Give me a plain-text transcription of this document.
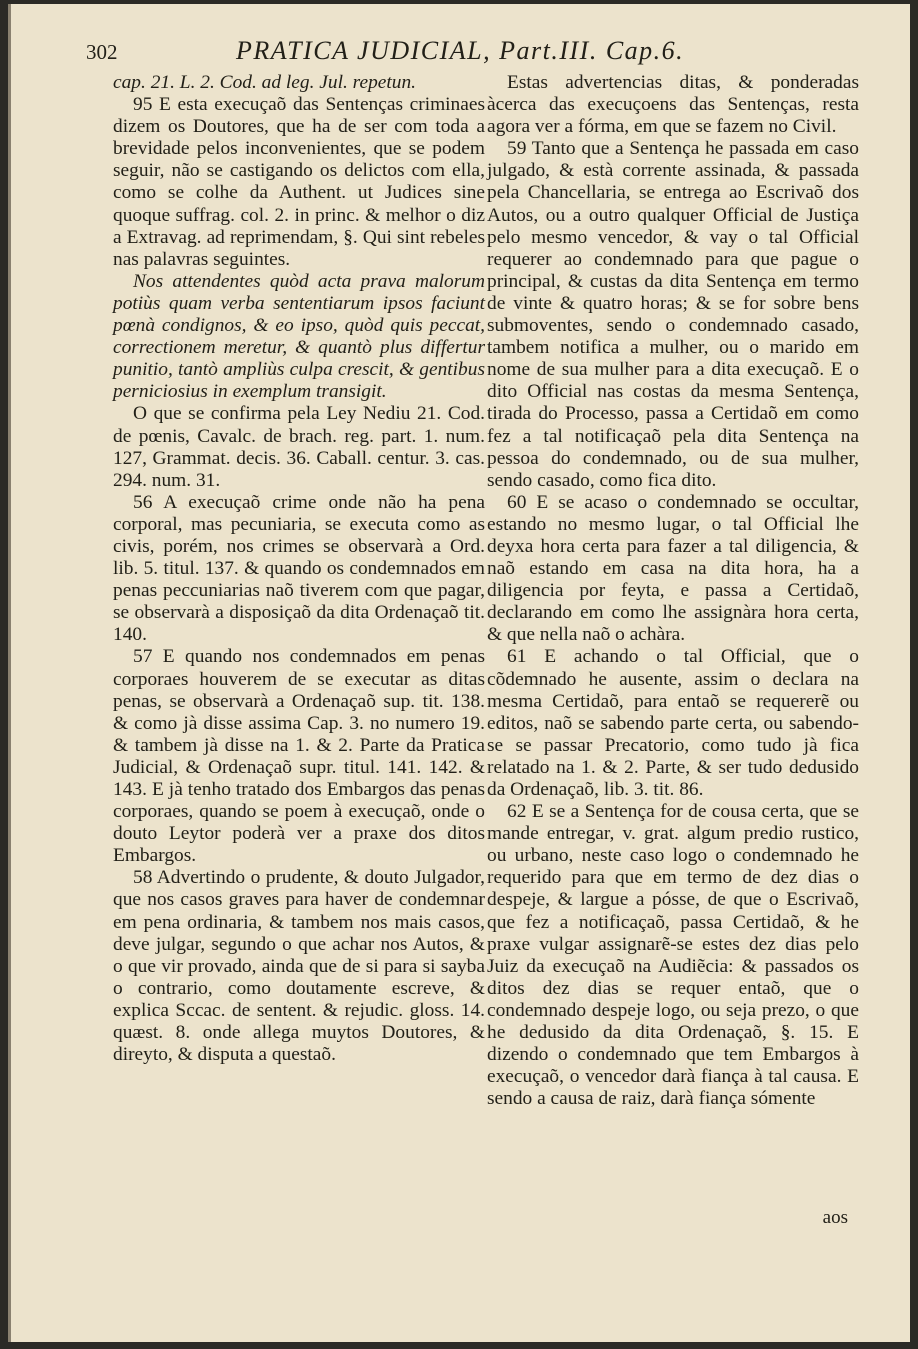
302	PRATICA JUDICIAL, Part.III. Cap.6.

cap. 21. L. 2. Cod. ad leg. Jul. repetun.

95 E esta execuçaõ das Sentenças criminaes dizem os Doutores, que ha de ser com toda a brevidade pelos inconvenientes, que se podem seguir, não se castigando os delictos com ella, como se colhe da Authent. ut Judices sine quoque suffrag. col. 2. in princ. & melhor o diz a Extravag. ad reprimendam, §. Qui sint rebeles nas palavras seguintes.

Nos attendentes quòd acta prava malorum potiùs quam verba sententiarum ipsos faciunt pœnà condignos, & eo ipso, quòd quis peccat, correctionem meretur, & quantò plus differtur punitio, tantò ampliùs culpa crescit, & gentibus perniciosius in exemplum transigit.

O que se confirma pela Ley Nediu 21. Cod. de pœnis, Cavalc. de brach. reg. part. 1. num. 127, Grammat. decis. 36. Caball. centur. 3. cas. 294. num. 31.

56 A execuçaõ crime onde não ha pena corporal, mas pecuniaria, se executa como as civis, porém, nos crimes se observarà a Ord. lib. 5. titul. 137. & quando os condemnados em penas peccuniarias naõ tiverem com que pagar, se observarà a disposiçaõ da dita Ordenaçaõ tit. 140.

57 E quando nos condemnados em penas corporaes houverem de se executar as ditas penas, se observarà a Ordenaçaõ sup. tit. 138. & como jà disse assima Cap. 3. no numero 19. & tambem jà disse na 1. & 2. Parte da Pratica Judicial, & Ordenaçaõ supr. titul. 141. 142. & 143. E jà tenho tratado dos Embargos das penas corporaes, quando se poem à execuçaõ, onde o douto Leytor poderà ver a praxe dos ditos Embargos.

58 Advertindo o prudente, & douto Julgador, que nos casos graves para haver de condemnar em pena ordinaria, & tambem nos mais casos, deve julgar, segundo o que achar nos Autos, & o que vir provado, ainda que de si para si sayba o contrario, como doutamente escreve, & explica Sccac. de sentent. & rejudic. gloss. 14. quæst. 8. onde allega muytos Doutores, & direyto, & disputa a questaõ.

Estas advertencias ditas, & ponderadas àcerca das execuçoens das Sentenças, resta agora ver a fórma, em que se fazem no Civil.

59 Tanto que a Sentença he passada em caso julgado, & està corrente assinada, & passada pela Chancellaria, se entrega ao Escrivaõ dos Autos, ou a outro qualquer Official de Justiça pelo mesmo vencedor, & vay o tal Official requerer ao condemnado para que pague o principal, & custas da dita Sentença em termo de vinte & quatro horas; & se for sobre bens submoventes, sendo o condemnado casado, tambem notifica a mulher, ou o marido em nome de sua mulher para a dita execuçaõ. E o dito Official nas costas da mesma Sentença, tirada do Processo, passa a Certidaõ em como fez a tal notificaçaõ pela dita Sentença na pessoa do condemnado, ou de sua mulher, sendo casado, como fica dito.

60 E se acaso o condemnado se occultar, estando no mesmo lugar, o tal Official lhe deyxa hora certa para fazer a tal diligencia, & naõ estando em casa na dita hora, ha a diligencia por feyta, e passa a Certidaõ, declarando em como lhe assignàra hora certa, & que nella naõ o achàra.

61 E achando o tal Official, que o cõdemnado he ausente, assim o declara na mesma Certidaõ, para entaõ se requererẽ ou editos, naõ se sabendo parte certa, ou sabendo-se se passar Precatorio, como tudo jà fica relatado na 1. & 2. Parte, & ser tudo dedusido da Ordenaçaõ, lib. 3. tit. 86.

62 E se a Sentença for de cousa certa, que se mande entregar, v. grat. algum predio rustico, ou urbano, neste caso logo o condemnado he requerido para que em termo de dez dias o despeje, & largue a pósse, de que o Escrivaõ, que fez a notificaçaõ, passa Certidaõ, & he praxe vulgar assignarẽ-se estes dez dias pelo Juiz da execuçaõ na Audiẽcia: & passados os ditos dez dias se requer entaõ, que o condemnado despeje logo, ou seja prezo, o que he dedusido da dita Ordenaçaõ, §. 15. E dizendo o condemnado que tem Embargos à execuçaõ, o vencedor darà fiança à tal causa. E sendo a causa de raiz, darà fiança sómente

aos
